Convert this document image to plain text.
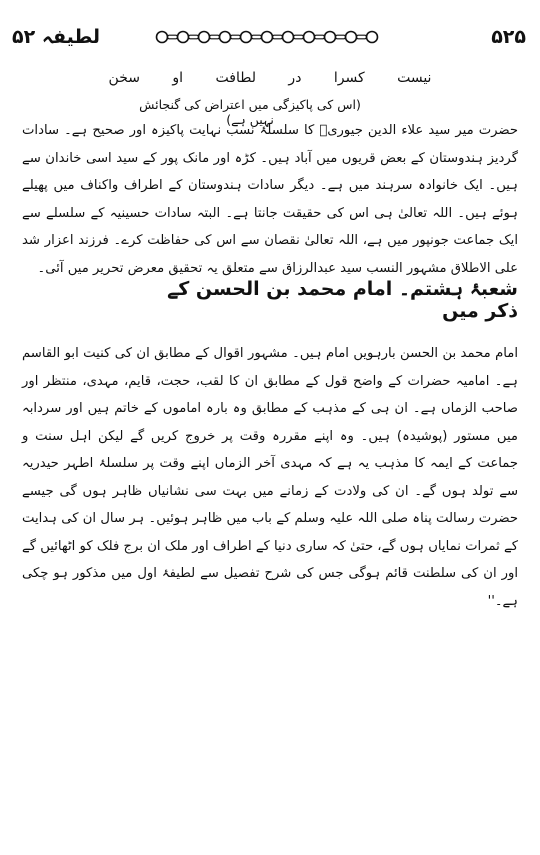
لطیفہ ۵۲	۵۲۵
نیست کسرا در لطافت او سخن
(اس کی پاکیزگی میں اعتراض کی گنجائش نہیں ہے)
حضرت میر سید علاء الدین جیوریؒ کا سلسلۂ نسب نہایت پاکیزہ اور صحیح ہے۔ سادات گردیز ہندوستان کے بعض قریوں میں آباد ہیں۔ کڑہ اور مانک پور کے سید اسی خاندان سے ہیں۔ ایک خانوادہ سرہند میں ہے۔ دیگر سادات ہندوستان کے اطراف واکناف میں پھیلے ہوئے ہیں۔ اللہ تعالیٰ ہی اس کی حقیقت جانتا ہے۔ البتہ سادات حسینیہ کے سلسلے سے ایک جماعت جونپور میں ہے، اللہ تعالیٰ نقصان سے اس کی حفاظت کرے۔ فرزند اعزار شد علی الاطلاق مشہور النسب سید عبدالرزاق سے متعلق یہ تحقیق معرض تحریر میں آئی۔
شعبۂ ہشتم۔ امام محمد بن الحسن کے ذکر میں
امام محمد بن الحسن بارہویں امام ہیں۔ مشہور اقوال کے مطابق ان کی کنیت ابو القاسم ہے۔ امامیہ حضرات کے واضح قول کے مطابق ان کا لقب، حجت، قایم، مہدی، منتظر اور صاحب الزماں ہے۔ ان ہی کے مذہب کے مطابق وہ بارہ اماموں کے خاتم ہیں اور سردابہ میں مستور (پوشیدہ) ہیں۔ وہ اپنے مقررہ وقت پر خروج کریں گے لیکن اہل سنت و جماعت کے ایمہ کا مذہب یہ ہے کہ مہدی آخر الزماں اپنے وقت پر سلسلۂ اطہر حیدریہ سے تولد ہوں گے۔ ان کی ولادت کے زمانے میں بہت سی نشانیاں ظاہر ہوں گی جیسے حضرت رسالت پناہ صلی اللہ علیہ وسلم کے باب میں ظاہر ہوئیں۔ ہر سال ان کی ہدایت کے ثمرات نمایاں ہوں گے، حتیٰ کہ ساری دنیا کے اطراف اور ملک ان برج فلک کو اٹھائیں گے اور ان کی سلطنت قائم ہوگی جس کی شرح تفصیل سے لطیفۂ اول میں مذکور ہو چکی ہے۔''
